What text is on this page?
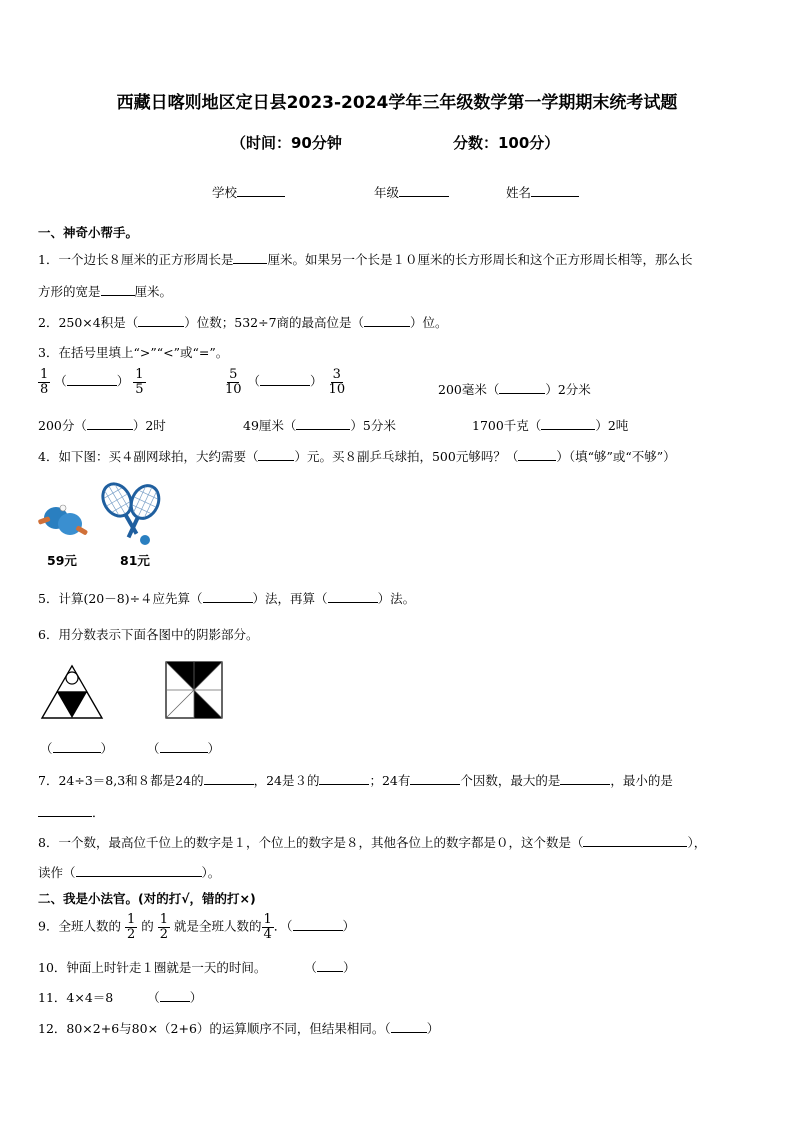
西藏日喀则地区定日县2023-2024学年三年级数学第一学期期末统考试题
（时间：90分钟	分数：100分）
学校	年级	姓名
一、神奇小帮手。
1．一个边长８厘米的正方形周长是	厘米。如果另一个长是１０厘米的长方形周长和这个正方形周长相等，那么长
方形的宽是	厘米。
2．250×4积是（	）位数；532÷7商的最高位是（	）位。
3．在括号里填上“>”“<”或“=”。
$\frac{1}{8}$ （	） $\frac{1}{5}$	$\frac{5}{10}$ （	） $\frac{3}{10}$	200毫米（	）2分米
200分（	）2时	49厘米（	）5分米	1700千克（	）2吨
4．如下图：买４副网球拍，大约需要（	）元。买８副乒乓球拍，500元够吗？（	）（填“够”或“不够”）
59元	81元
5．计算(20－8)÷４应先算（	）法，再算（	）法。
6．用分数表示下面各图中的阴影部分。
（	）	（	）
7．24÷3＝8,3和８都是24的	，24是３的	；24有	个因数，最大的是	，最小的是
．
8．一个数，最高位千位上的数字是１，个位上的数字是８，其他各位上的数字都是０，这个数是（	），
读作（	）。
二、我是小法官。(对的打√，错的打×)
9．全班人数的 $\frac{1}{2}$ 的 $\frac{1}{2}$ 就是全班人数的 $\frac{1}{4}$ ．（	）
10．钟面上时针走１圈就是一天的时间。	（ ）
11．4×4＝8	（ ）
12．80×2+6与80×（2+6）的运算顺序不同，但结果相同。（	）
